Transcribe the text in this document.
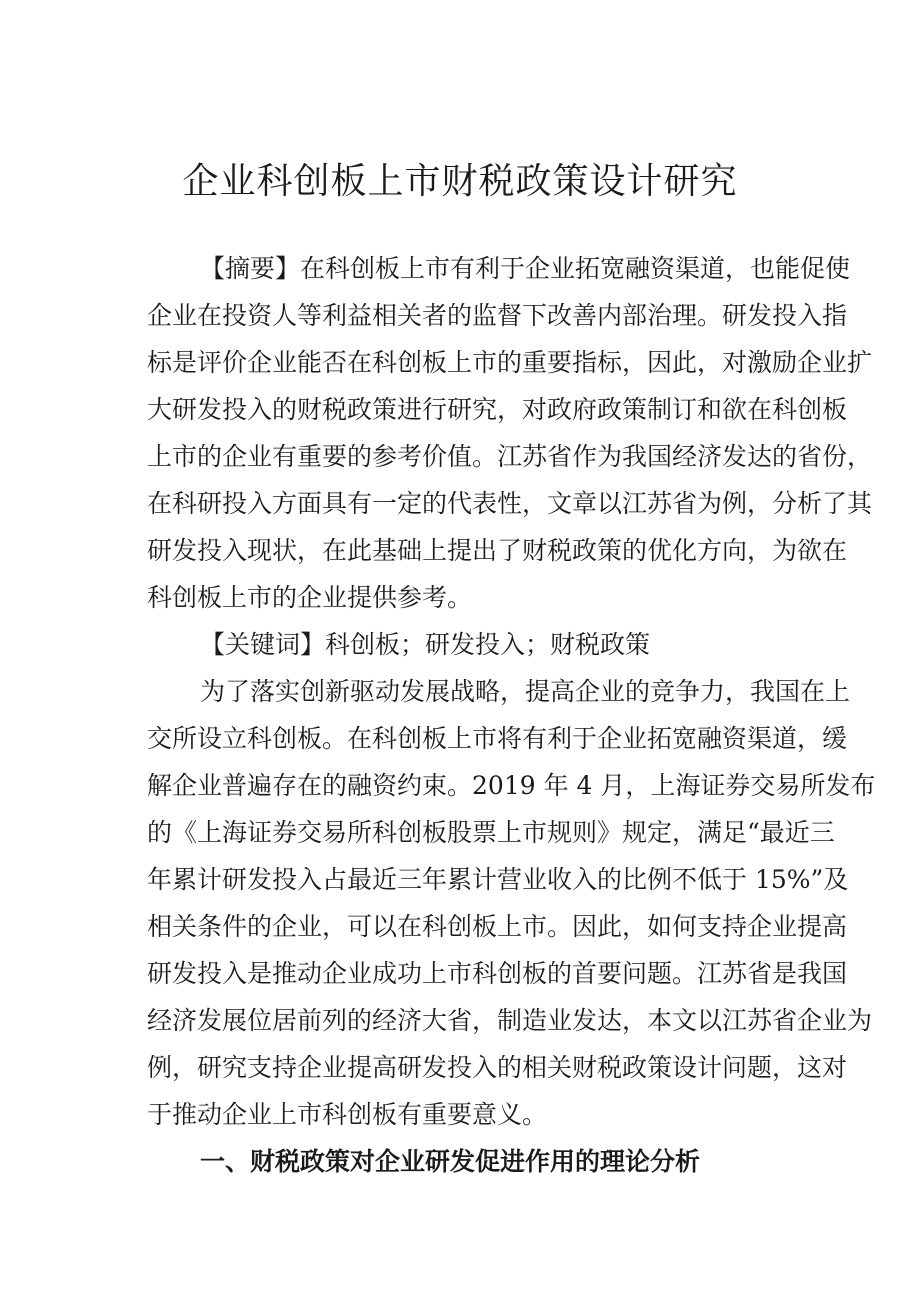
企业科创板上市财税政策设计研究

【摘要】在科创板上市有利于企业拓宽融资渠道，也能促使

企业在投资人等利益相关者的监督下改善内部治理。研发投入指

标是评价企业能否在科创板上市的重要指标，因此，对激励企业扩

大研发投入的财税政策进行研究，对政府政策制订和欲在科创板

上市的企业有重要的参考价值。江苏省作为我国经济发达的省份，

在科研投入方面具有一定的代表性，文章以江苏省为例，分析了其

研发投入现状，在此基础上提出了财税政策的优化方向，为欲在

科创板上市的企业提供参考。

【关键词】科创板；研发投入；财税政策

为了落实创新驱动发展战略，提高企业的竞争力，我国在上

交所设立科创板。在科创板上市将有利于企业拓宽融资渠道，缓

解企业普遍存在的融资约束。2019 年 4 月，上海证券交易所发布

的《上海证券交易所科创板股票上市规则》规定，满足“最近三

年累计研发投入占最近三年累计营业收入的比例不低于 15%”及

相关条件的企业，可以在科创板上市。因此，如何支持企业提高

研发投入是推动企业成功上市科创板的首要问题。江苏省是我国

经济发展位居前列的经济大省，制造业发达，本文以江苏省企业为

例，研究支持企业提高研发投入的相关财税政策设计问题，这对

于推动企业上市科创板有重要意义。

一、财税政策对企业研发促进作用的理论分析
